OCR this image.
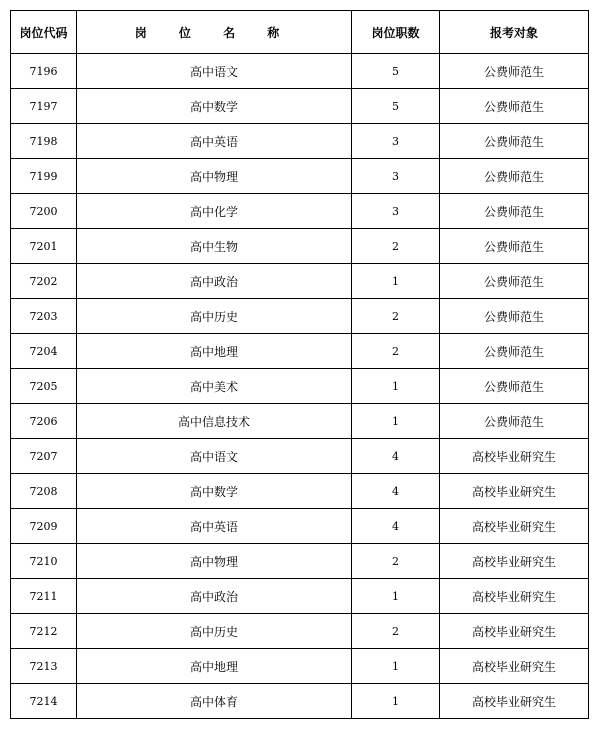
岗位代码	岗 位 名 称	岗位职数	报考对象
7196	高中语文	5	公费师范生
7197	高中数学	5	公费师范生
7198	高中英语	3	公费师范生
7199	高中物理	3	公费师范生
7200	高中化学	3	公费师范生
7201	高中生物	2	公费师范生
7202	高中政治	1	公费师范生
7203	高中历史	2	公费师范生
7204	高中地理	2	公费师范生
7205	高中美术	1	公费师范生
7206	高中信息技术	1	公费师范生
7207	高中语文	4	高校毕业研究生
7208	高中数学	4	高校毕业研究生
7209	高中英语	4	高校毕业研究生
7210	高中物理	2	高校毕业研究生
7211	高中政治	1	高校毕业研究生
7212	高中历史	2	高校毕业研究生
7213	高中地理	1	高校毕业研究生
7214	高中体育	1	高校毕业研究生
